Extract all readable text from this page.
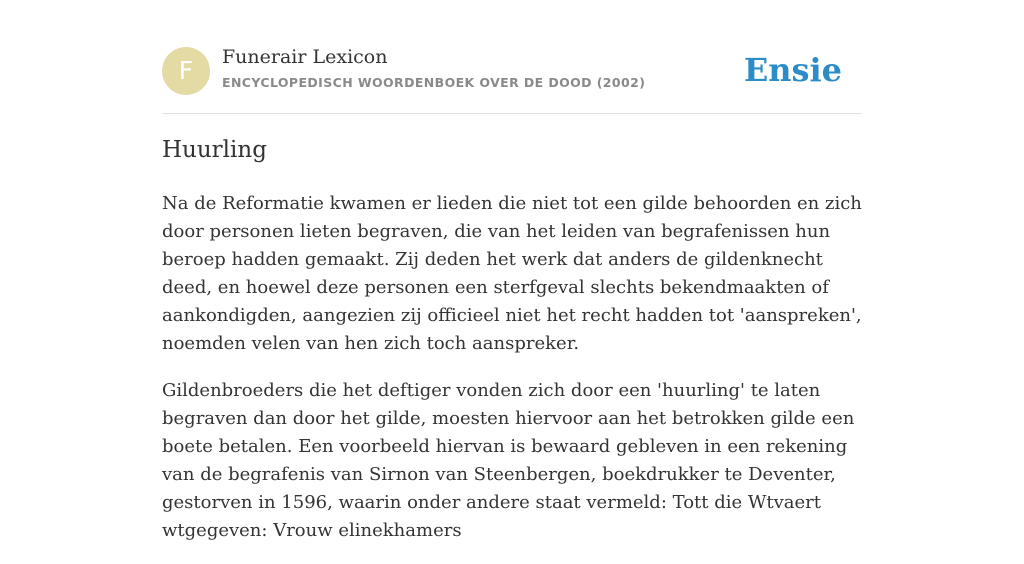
F	Funerair Lexicon
ENCYCLOPEDISCH WOORDENBOEK OVER DE DOOD (2002)	Ensie
Huurling

Na de Reformatie kwamen er lieden die niet tot een gilde behoorden en zich door personen lieten begraven, die van het leiden van begrafenissen hun beroep hadden gemaakt. Zij deden het werk dat anders de gildenknecht deed, en hoewel deze personen een sterfgeval slechts bekendmaakten of aankondigden, aangezien zij officieel niet het recht hadden tot 'aanspreken', noemden velen van hen zich toch aanspreker.

Gildenbroeders die het deftiger vonden zich door een 'huurling' te laten begraven dan door het gilde, moesten hiervoor aan het betrokken gilde een boete betalen. Een voorbeeld hiervan is bewaard gebleven in een rekening van de begrafenis van Sirnon van Steenbergen, boekdrukker te Deventer, gestorven in 1596, waarin onder andere staat vermeld: Tott die Wtvaert wtgegeven: Vrouw elinekhamers
